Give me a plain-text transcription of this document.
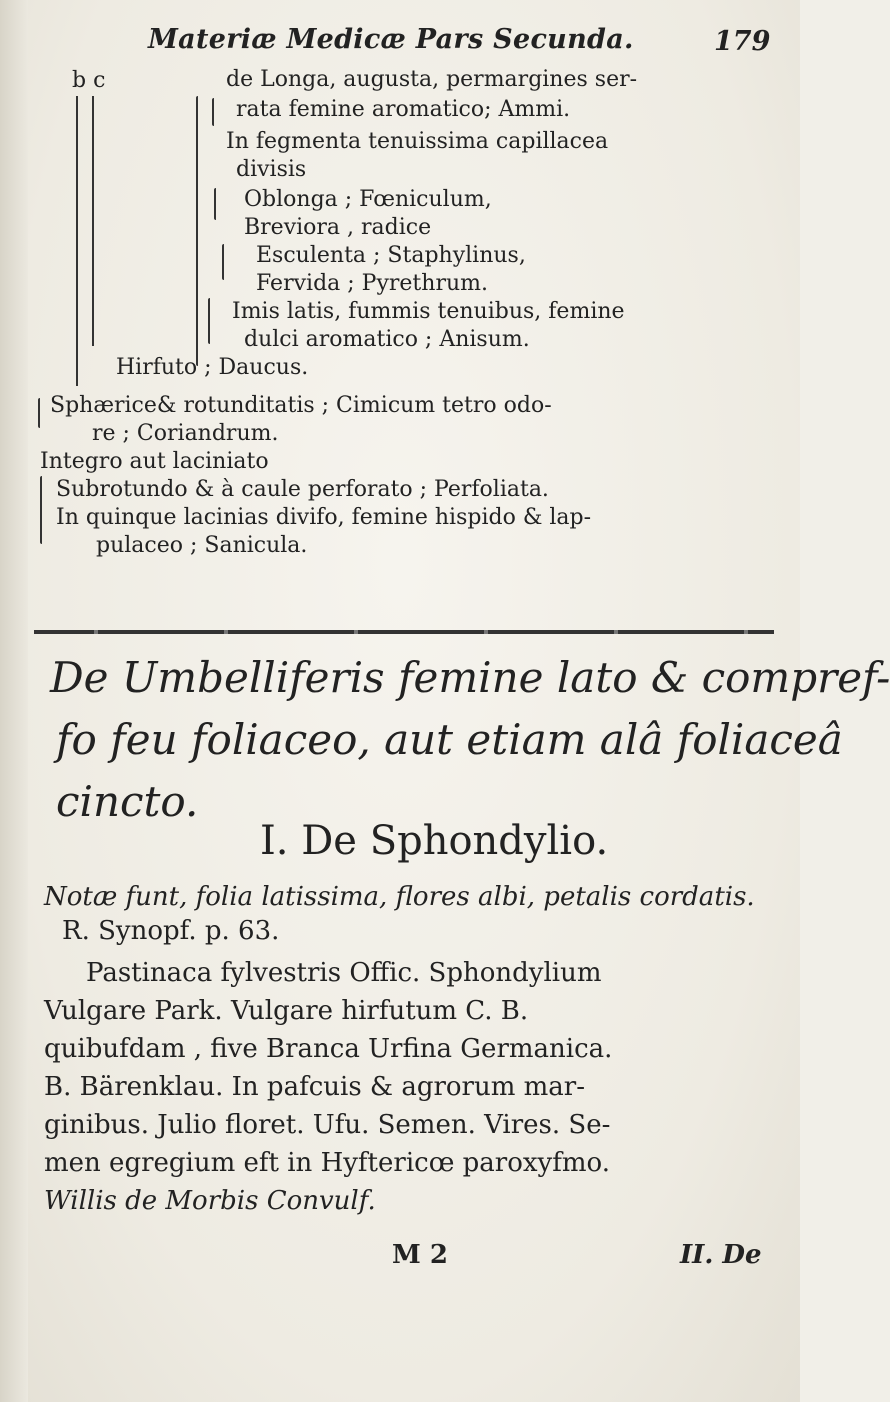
Materiæ Medicæ Pars Secunda.	179
b c	de Longa, augusta, permargines ser-
rata femine aromatico; Ammi.
In fegmenta tenuissima capillacea
divisis
Oblonga ; Fœniculum,
Breviora , radice
Esculenta ; Staphylinus,
Fervida ; Pyrethrum.
Imis latis, fummis tenuibus, femine
dulci aromatico ; Anisum.
Hirfuto ; Daucus.
Sphærice& rotunditatis ; Cimicum tetro odo-
re ; Coriandrum.
Integro aut laciniato
Subrotundo & à caule perforato ; Perfoliata.
In quinque lacinias divifo, femine hispido & lap-
pulaceo ; Sanicula.
De Umbelliferis femine lato & compref-
fo feu foliaceo, aut etiam alâ foliaceâ
cincto.
I. De Sphondylio.
Notæ funt, folia latissima, flores albi, petalis cordatis.
R. Synopf. p. 63.
Pastinaca fylvestris Offic. Sphondylium
Vulgare Park. Vulgare hirfutum C. B.
quibufdam , five Branca Urfina Germanica.
B. Bärenklau. In pafcuis & agrorum mar-
ginibus. Julio floret. Ufu. Semen. Vires. Se-
men egregium eft in Hyftericœ paroxyfmo.
Willis de Morbis Convulf.
M 2	II. De
